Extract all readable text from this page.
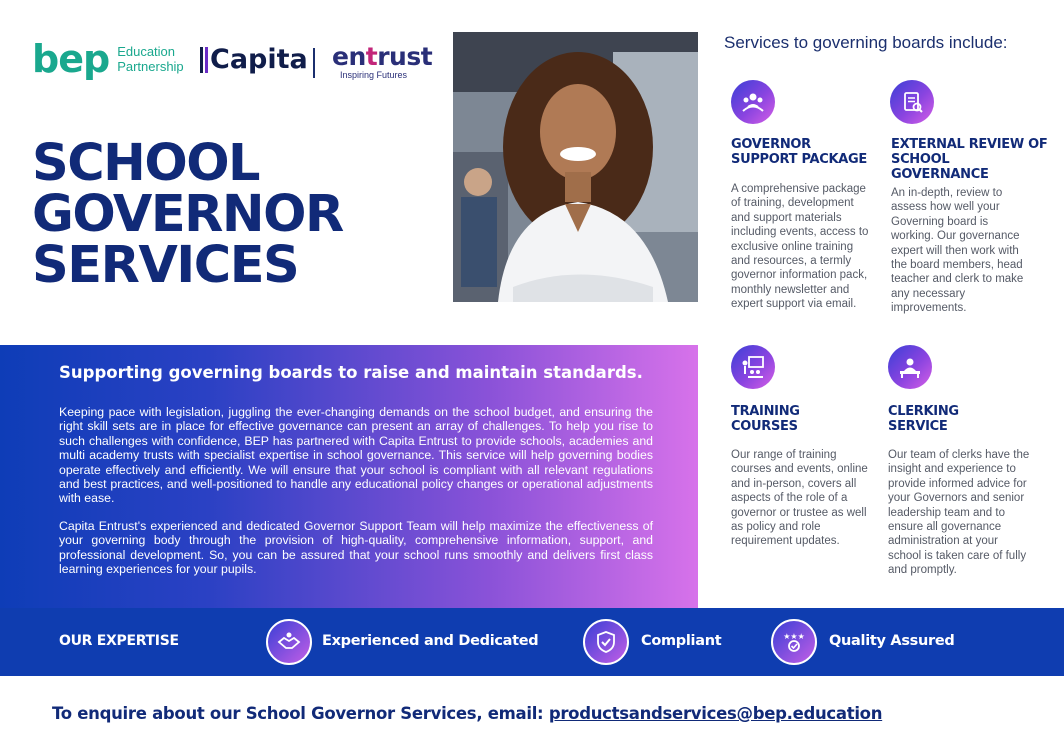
bep Education
Partnership Capita entrust
Inspiring Futures
SCHOOL
GOVERNOR
SERVICES
Services to governing boards include:
GOVERNOR
SUPPORT PACKAGE
A comprehensive package
of training, development
and support materials
including events, access to
exclusive online training
and resources, a termly
governor information pack,
monthly newsletter and
expert support via email.
EXTERNAL REVIEW OF
SCHOOL
GOVERNANCE
An in-depth, review to
assess how well your
Governing board is
working. Our governance
expert will then work with
the board members, head
teacher and clerk to make
any necessary
improvements.
TRAINING
COURSES
Our range of training
courses and events, online
and in-person, covers all
aspects of the role of a
governor or trustee as well
as policy and role
requirement updates.
CLERKING
SERVICE
Our team of clerks have the
insight and experience to
provide informed advice for
your Governors and senior
leadership team and to
ensure all governance
administration at your
school is taken care of fully
and promptly.
Supporting governing boards to raise and maintain standards.
Keeping pace with legislation, juggling the ever-changing demands on the school budget, and ensuring the right skill sets are in place for effective governance can present an array of challenges. To help you rise to such challenges with confidence, BEP has partnered with Capita Entrust to provide schools, academies and multi academy trusts with specialist expertise in school governance. This service will help governing bodies operate effectively and efficiently. We will ensure that your school is compliant with all relevant regulations and best practices, and well-positioned to handle any educational policy changes or operational adjustments with ease.
Capita Entrust's experienced and dedicated Governor Support Team will help maximize the effectiveness of your governing body through the provision of high-quality, comprehensive information, support, and professional development. So, you can be assured that your school runs smoothly and delivers first class learning experiences for your pupils.
OUR EXPERTISE	Experienced and Dedicated	Compliant	★★★ Quality Assured
To enquire about our School Governor Services, email: productsandservices@bep.education
